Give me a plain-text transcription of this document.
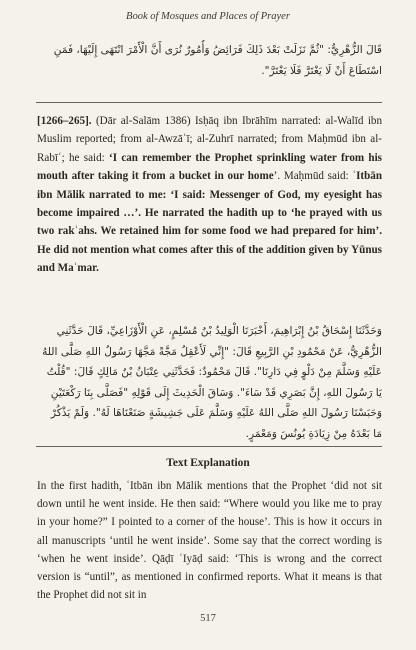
Book of Mosques and Places of Prayer

قَالَ الزُّهْرِيُّ: "ثُمَّ نَزَلَتْ بَعْدَ ذَلِكَ فَرَائِضُ وَأُمُورٌ نُرَى أَنَّ الْأَمْرَ انْتَهَى إِلَيْهَا، فَمَنِ

اسْتَطَاعَ أَنْ لَا يَغْتَرَّ فَلَا يَغْتَرَّ".

[1266–265]. (Dār al-Salām 1386) Isḥāq ibn Ibrāhīm narrated: al-Walīd ibn Muslim reported; from al-Awzāʿī; al-Zuhrī narrated; from Maḥmūd ibn al-Rabīʿ; he said: ‘I can remember the Prophet sprinkling water from his mouth after taking it from a bucket in our home’. Maḥmūd said: ʿItbān ibn Mālik narrated to me: ‘I said: Messenger of God, my eyesight has become impaired …’. He narrated the hadith up to ‘he prayed with us two rakʿahs. We retained him for some food we had prepared for him’. He did not mention what comes after this of the addition given by Yūnus and Maʿmar.

وَحَدَّثَنَا إِسْحَاقُ بْنُ إِبْرَاهِيمَ، أَخْبَرَنَا الْوَلِيدُ بْنُ مُسْلِمٍ، عَنِ الْأَوْزَاعِيِّ، قَالَ حَدَّثَنِي

الزُّهْرِيُّ، عَنْ مَحْمُودِ بْنِ الرَّبِيعِ قَالَ: "إِنِّي لَأَعْقِلُ مَجَّةً مَجَّهَا رَسُولُ اللهِ صَلَّى اللهُ

عَلَيْهِ وَسَلَّمَ مِنْ دَلْوٍ فِي دَارِنَا". قَالَ مَحْمُودٌ: فَحَدَّثَنِي عِتْبَانُ بْنُ مَالِكٍ قَالَ: "قُلْتُ

يَا رَسُولَ اللهِ، إِنَّ بَصَرِي قَدْ سَاءَ". وَسَاقَ الْحَدِيثَ إِلَى قَوْلِهِ "فَصَلَّى بِنَا رَكْعَتَيْنِ

وَحَبَسْنَا رَسُولَ اللهِ صَلَّى اللهُ عَلَيْهِ وَسَلَّمَ عَلَى جَشِيشَةٍ صَنَعْنَاهَا لَهُ". وَلَمْ يَذْكُرْ

مَا بَعْدَهُ مِنْ زِيَادَةِ يُونُسَ وَمَعْمَرٍ.

Text Explanation
In the first hadith, ʿItbān ibn Mālik mentions that the Prophet ‘did not sit down until he went inside. He then said: “Where would you like me to pray in your home?” I pointed to a corner of the house’. This is how it occurs in all manuscripts ‘until he went inside’. Some say that the correct wording is ‘when he went inside’. Qāḍī ʿIyāḍ said: ‘This is wrong and the correct version is “until”, as mentioned in confirmed reports. What it means is that the Prophet did not sit in
517
